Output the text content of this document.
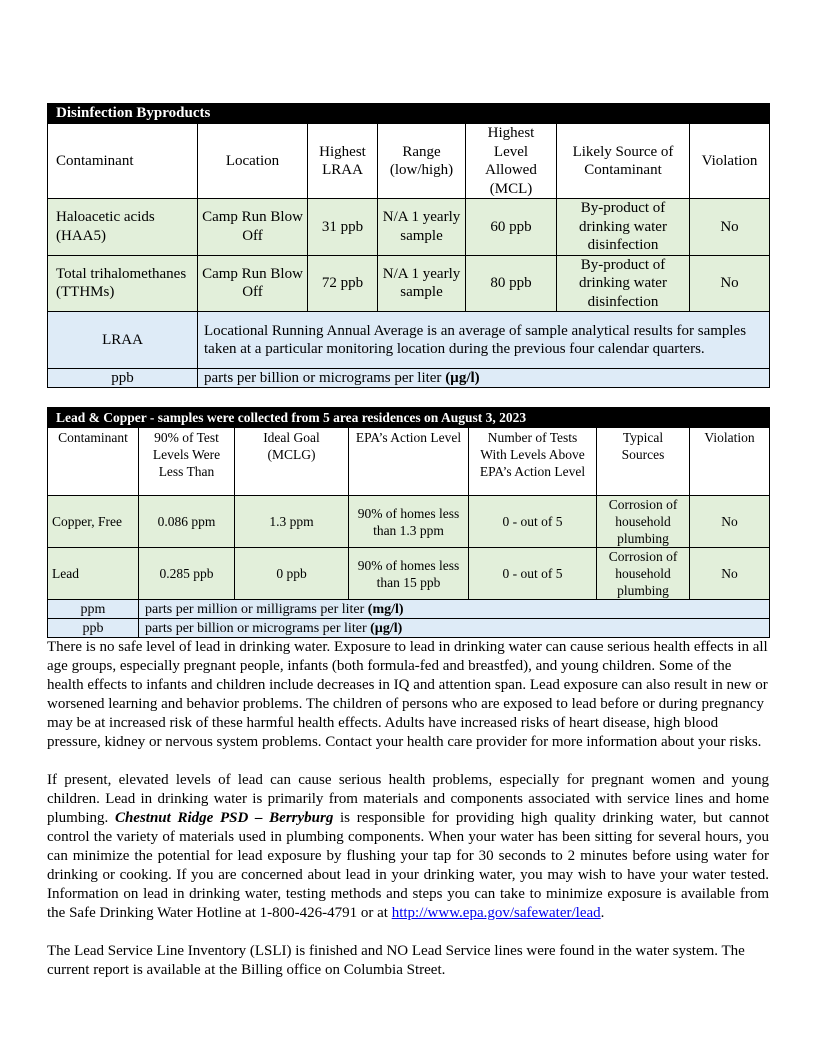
Disinfection Byproducts						
Contaminant	Location	Highest LRAA	Range (low/high)	Highest Level Allowed (MCL)	Likely Source of Contaminant	Violation
Haloacetic acids (HAA5)	Camp Run Blow Off	31 ppb	N/A 1 yearly sample	60 ppb	By-product of drinking water disinfection	No
Total trihalomethanes (TTHMs)	Camp Run Blow Off	72 ppb	N/A 1 yearly sample	80 ppb	By-product of drinking water disinfection	No
LRAA	Locational Running Annual Average is an average of sample analytical results for samples taken at a particular monitoring location during the previous four calendar quarters.					
ppb	parts per billion or micrograms per liter (µg/l)					
Lead & Copper - samples were collected from 5 area residences on August 3, 2023						
Contaminant	90% of Test Levels Were Less Than	Ideal Goal (MCLG)	EPA’s Action Level	Number of Tests With Levels Above EPA’s Action Level	Typical Sources	Violation
Copper, Free	0.086 ppm	1.3 ppm	90% of homes less than 1.3 ppm	0 - out of 5	Corrosion of household plumbing	No
Lead	0.285 ppb	0 ppb	90% of homes less than 15 ppb	0 - out of 5	Corrosion of household plumbing	No
ppm	parts per million or milligrams per liter (mg/l)					
ppb	parts per billion or micrograms per liter (µg/l)					

There is no safe level of lead in drinking water. Exposure to lead in drinking water can cause serious health effects in all age groups, especially pregnant people, infants (both formula-fed and breastfed), and young children. Some of the health effects to infants and children include decreases in IQ and attention span. Lead exposure can also result in new or worsened learning and behavior problems. The children of persons who are exposed to lead before or during pregnancy may be at increased risk of these harmful health effects. Adults have increased risks of heart disease, high blood pressure, kidney or nervous system problems. Contact your health care provider for more information about your risks.

If present, elevated levels of lead can cause serious health problems, especially for pregnant women and young children. Lead in drinking water is primarily from materials and components associated with service lines and home plumbing. Chestnut Ridge PSD – Berryburg is responsible for providing high quality drinking water, but cannot control the variety of materials used in plumbing components. When your water has been sitting for several hours, you can minimize the potential for lead exposure by flushing your tap for 30 seconds to 2 minutes before using water for drinking or cooking. If you are concerned about lead in your drinking water, you may wish to have your water tested. Information on lead in drinking water, testing methods and steps you can take to minimize exposure is available from the Safe Drinking Water Hotline at 1-800-426-4791 or at http://www.epa.gov/safewater/lead.

The Lead Service Line Inventory (LSLI) is finished and NO Lead Service lines were found in the water system. The current report is available at the Billing office on Columbia Street.
